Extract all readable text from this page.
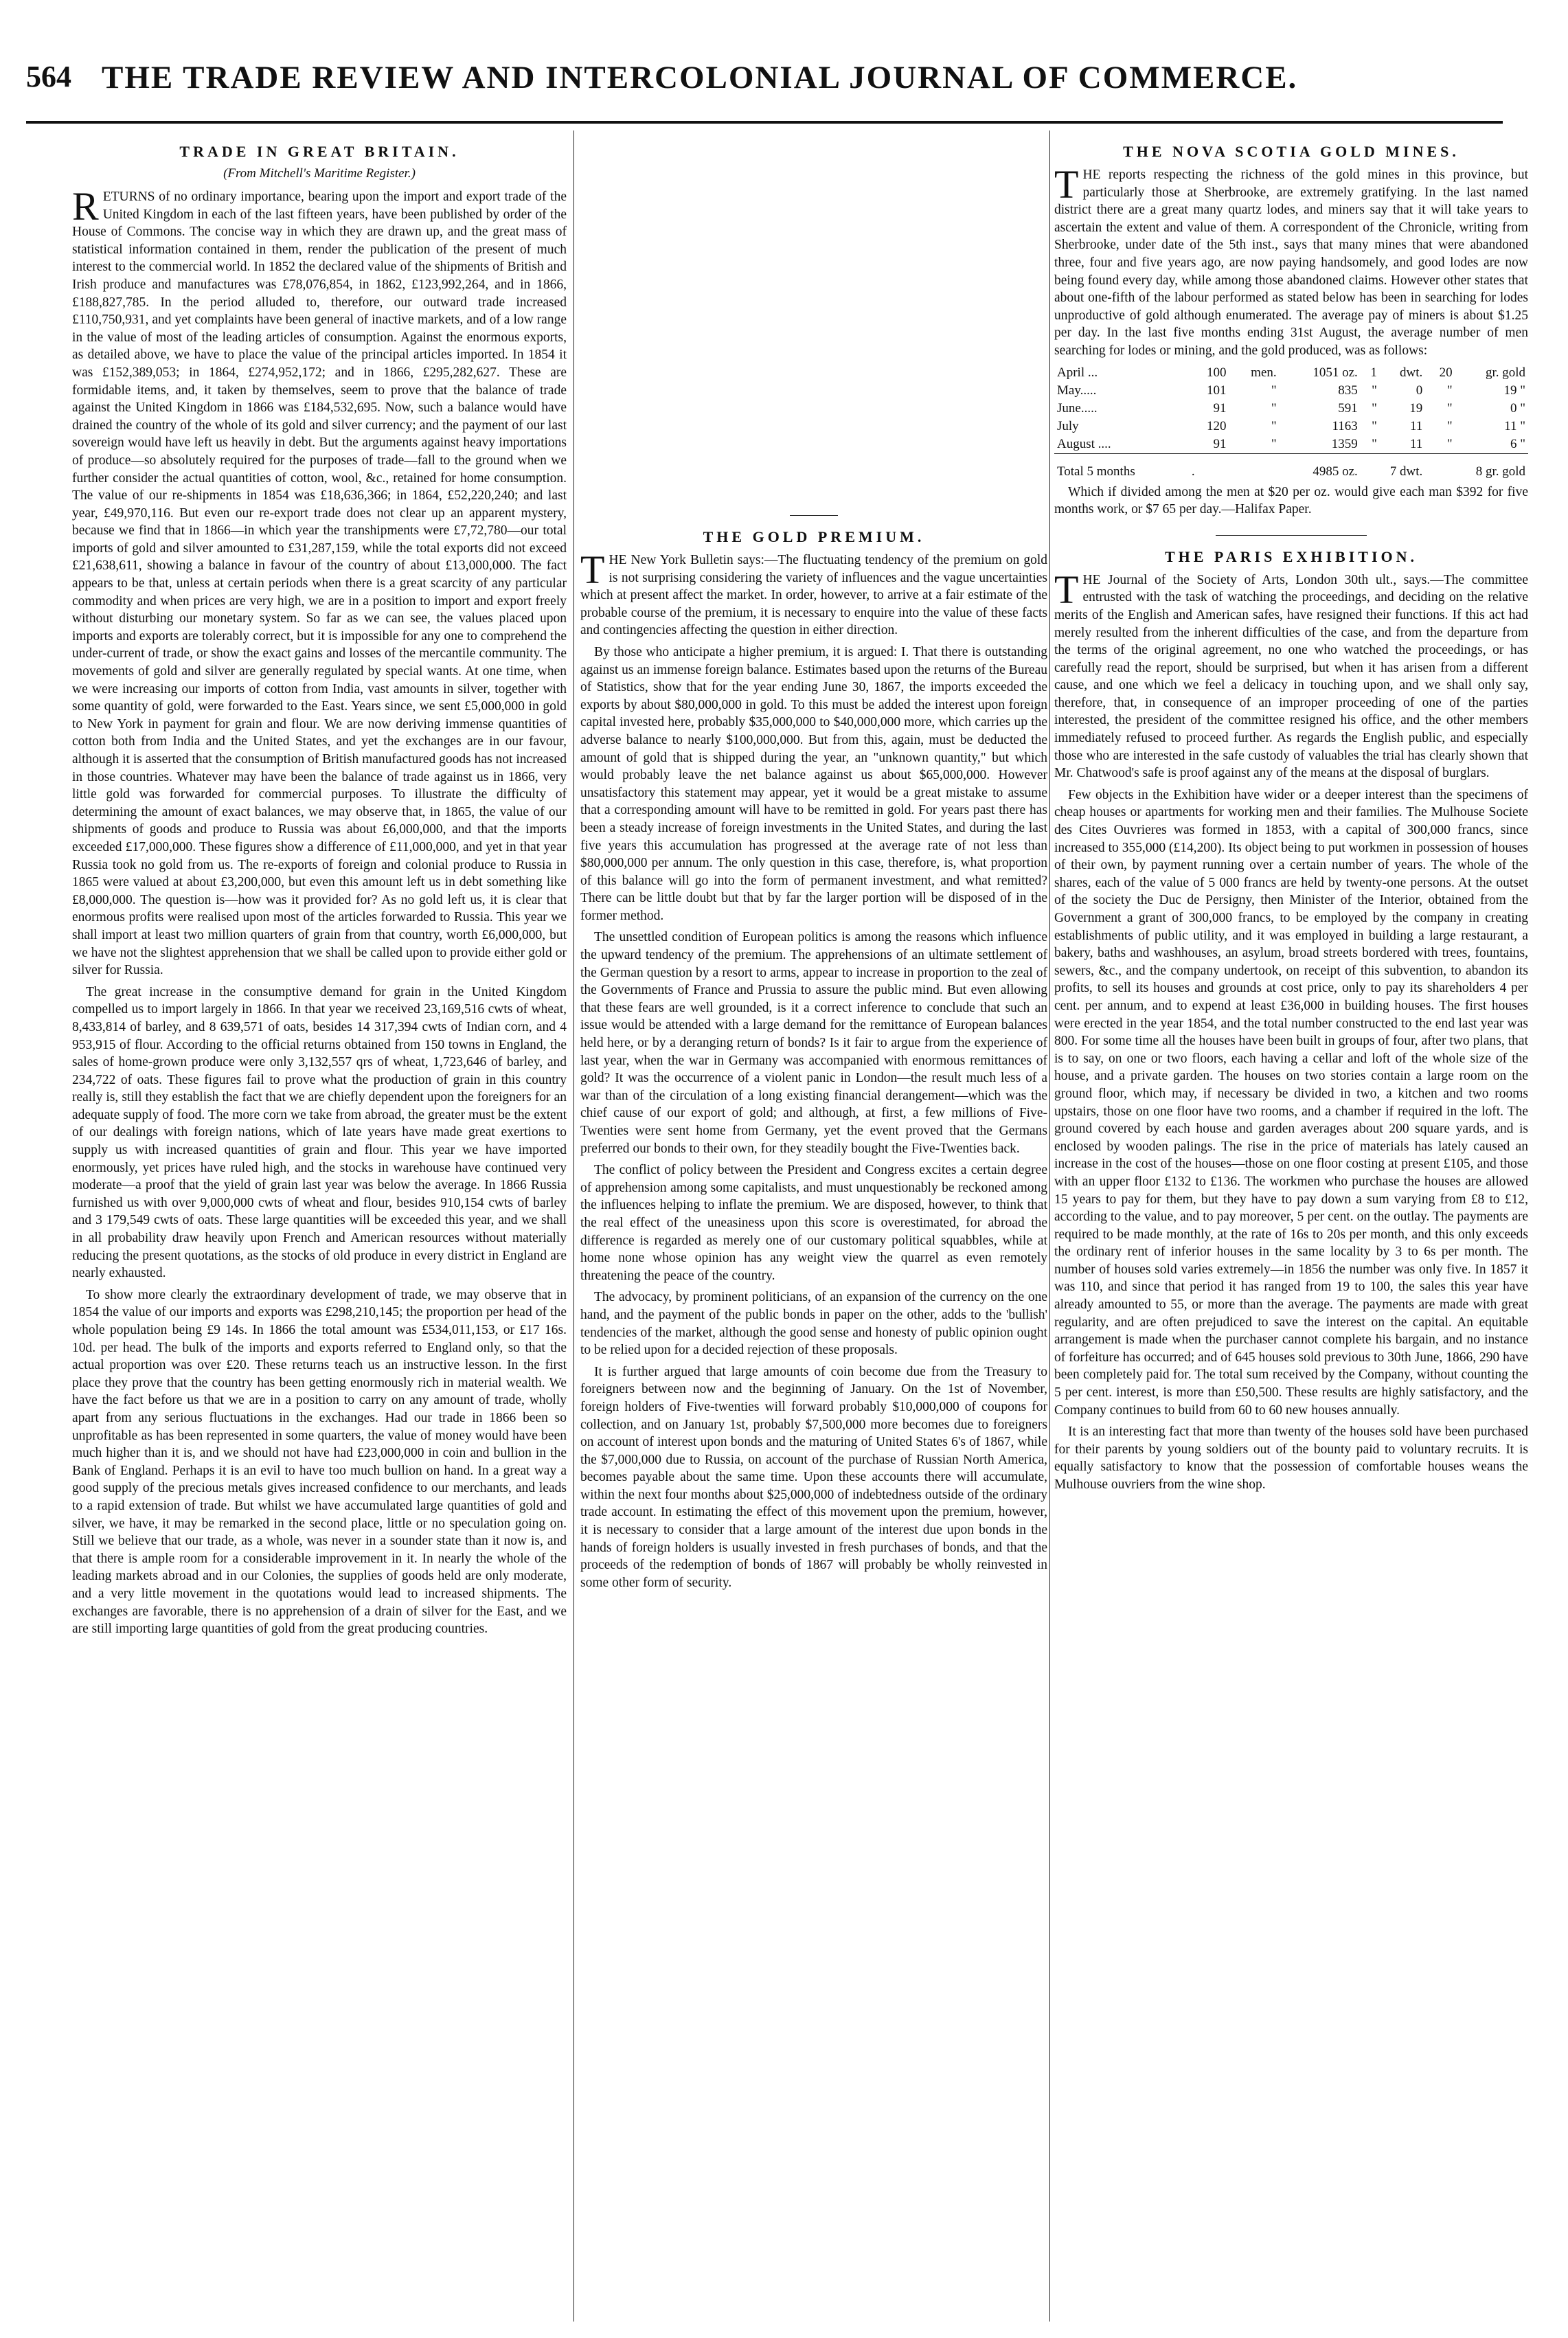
564 THE TRADE REVIEW AND INTERCOLONIAL JOURNAL OF COMMERCE.
TRADE IN GREAT BRITAIN.
(From Mitchell's Maritime Register.)

RETURNS of no ordinary importance, bearing upon the import and export trade of the United Kingdom in each of the last fifteen years, have been published by order of the House of Commons. The concise way in which they are drawn up, and the great mass of statistical information contained in them, render the publication of the present of much interest to the commercial world. In 1852 the declared value of the shipments of British and Irish produce and manufactures was £78,076,854, in 1862, £123,992,264, and in 1866, £188,827,785. In the period alluded to, therefore, our outward trade increased £110,750,931, and yet complaints have been general of inactive markets, and of a low range in the value of most of the leading articles of consumption. Against the enormous exports, as detailed above, we have to place the value of the principal articles imported. In 1854 it was £152,389,053; in 1864, £274,952,172; and in 1866, £295,282,627. These are formidable items, and, it taken by themselves, seem to prove that the balance of trade against the United Kingdom in 1866 was £184,532,695. Now, such a balance would have drained the country of the whole of its gold and silver currency; and the payment of our last sovereign would have left us heavily in debt. But the arguments against heavy importations of produce—so absolutely required for the purposes of trade—fall to the ground when we further consider the actual quantities of cotton, wool, &c., retained for home consumption. The value of our re-shipments in 1854 was £18,636,366; in 1864, £52,220,240; and last year, £49,970,116. But even our re-export trade does not clear up an apparent mystery, because we find that in 1866—in which year the transhipments were £7,72,780—our total imports of gold and silver amounted to £31,287,159, while the total exports did not exceed £21,638,611, showing a balance in favour of the country of about £13,000,000. The fact appears to be that, unless at certain periods when there is a great scarcity of any particular commodity and when prices are very high, we are in a position to import and export freely without disturbing our monetary system. So far as we can see, the values placed upon imports and exports are tolerably correct, but it is impossible for any one to comprehend the under-current of trade, or show the exact gains and losses of the mercantile community. The movements of gold and silver are generally regulated by special wants. At one time, when we were increasing our imports of cotton from India, vast amounts in silver, together with some quantity of gold, were forwarded to the East. Years since, we sent £5,000,000 in gold to New York in payment for grain and flour. We are now deriving immense quantities of cotton both from India and the United States, and yet the exchanges are in our favour, although it is asserted that the consumption of British manufactured goods has not increased in those countries. Whatever may have been the balance of trade against us in 1866, very little gold was forwarded for commercial purposes. To illustrate the difficulty of determining the amount of exact balances, we may observe that, in 1865, the value of our shipments of goods and produce to Russia was about £6,000,000, and that the imports exceeded £17,000,000. These figures show a difference of £11,000,000, and yet in that year Russia took no gold from us. The re-exports of foreign and colonial produce to Russia in 1865 were valued at about £3,200,000, but even this amount left us in debt something like £8,000,000. The question is—how was it provided for? As no gold left us, it is clear that enormous profits were realised upon most of the articles forwarded to Russia. This year we shall import at least two million quarters of grain from that country, worth £6,000,000, but we have not the slightest apprehension that we shall be called upon to provide either gold or silver for Russia.

The great increase in the consumptive demand for grain in the United Kingdom compelled us to import largely in 1866. In that year we received 23,169,516 cwts of wheat, 8,433,814 of barley, and 8 639,571 of oats, besides 14 317,394 cwts of Indian corn, and 4 953,915 of flour. According to the official returns obtained from 150 towns in England, the sales of home-grown produce were only 3,132,557 qrs of wheat, 1,723,646 of barley, and 234,722 of oats. These figures fail to prove what the production of grain in this country really is, still they establish the fact that we are chiefly dependent upon the foreigners for an adequate supply of food. The more corn we take from abroad, the greater must be the extent of our dealings with foreign nations, which of late years have made great exertions to supply us with increased quantities of grain and flour. This year we have imported enormously, yet prices have ruled high, and the stocks in warehouse have continued very moderate—a proof that the yield of grain last year was below the average. In 1866 Russia furnished us with over 9,000,000 cwts of wheat and flour, besides 910,154 cwts of barley and 3 179,549 cwts of oats. These large quantities will be exceeded this year, and we shall in all probability draw heavily upon French and American resources without materially reducing the present quotations, as the stocks of old produce in every district in England are nearly exhausted.

To show more clearly the extraordinary development of trade, we may observe that in 1854 the value of our imports and exports was £298,210,145; the proportion per head of the whole population being £9 14s. In 1866 the total amount was £534,011,153, or £17 16s. 10d. per head. The bulk of the imports and exports referred to England only, so that the actual proportion was over £20. These returns teach us an instructive lesson. In the first place they prove that the country has been getting enormously rich in material wealth. We have the fact before us that we are in a position to carry on any amount of trade, wholly apart from any serious fluctuations in the exchanges. Had our trade in 1866 been so unprofitable as has been represented in some quarters, the value of money would have been much higher than it is, and we should not have had £23,000,000 in coin and bullion in the Bank of England. Perhaps it is an evil to have too much bullion on hand. In a great way a good supply of the precious metals gives increased confidence to our merchants, and leads to a rapid extension of trade. But whilst we have accumulated large quantities of gold and silver, we have, it may be remarked in the second place, little or no speculation going on. Still we believe that our trade, as a whole, was never in a sounder state than it now is, and that there is ample room for a considerable improvement in it. In nearly the whole of the leading markets abroad and in our Colonies, the supplies of goods held are only moderate, and a very little movement in the quotations would lead to increased shipments. The exchanges are favorable, there is no apprehension of a drain of silver for the East, and we are still importing large quantities of gold from the great producing countries.

THE GOLD PREMIUM.

THE New York Bulletin says:—The fluctuating tendency of the premium on gold is not surprising considering the variety of influences and the vague uncertainties which at present affect the market. In order, however, to arrive at a fair estimate of the probable course of the premium, it is necessary to enquire into the value of these facts and contingencies affecting the question in either direction.

By those who anticipate a higher premium, it is argued: I. That there is outstanding against us an immense foreign balance. Estimates based upon the returns of the Bureau of Statistics, show that for the year ending June 30, 1867, the imports exceeded the exports by about $80,000,000 in gold. To this must be added the interest upon foreign capital invested here, probably $35,000,000 to $40,000,000 more, which carries up the adverse balance to nearly $100,000,000. But from this, again, must be deducted the amount of gold that is shipped during the year, an "unknown quantity," but which would probably leave the net balance against us about $65,000,000. However unsatisfactory this statement may appear, yet it would be a great mistake to assume that a corresponding amount will have to be remitted in gold. For years past there has been a steady increase of foreign investments in the United States, and during the last five years this accumulation has progressed at the average rate of not less than $80,000,000 per annum. The only question in this case, therefore, is, what proportion of this balance will go into the form of permanent investment, and what remitted? There can be little doubt but that by far the larger portion will be disposed of in the former method.

The unsettled condition of European politics is among the reasons which influence the upward tendency of the premium. The apprehensions of an ultimate settlement of the German question by a resort to arms, appear to increase in proportion to the zeal of the Governments of France and Prussia to assure the public mind. But even allowing that these fears are well grounded, is it a correct inference to conclude that such an issue would be attended with a large demand for the remittance of European balances held here, or by a deranging return of bonds? Is it fair to argue from the experience of last year, when the war in Germany was accompanied with enormous remittances of gold? It was the occurrence of a violent panic in London—the result much less of a war than of the circulation of a long existing financial derangement—which was the chief cause of our export of gold; and although, at first, a few millions of Five-Twenties were sent home from Germany, yet the event proved that the Germans preferred our bonds to their own, for they steadily bought the Five-Twenties back.

The conflict of policy between the President and Congress excites a certain degree of apprehension among some capitalists, and must unquestionably be reckoned among the influences helping to inflate the premium. We are disposed, however, to think that the real effect of the uneasiness upon this score is overestimated, for abroad the difference is regarded as merely one of our customary political squabbles, while at home none whose opinion has any weight view the quarrel as even remotely threatening the peace of the country.

The advocacy, by prominent politicians, of an expansion of the currency on the one hand, and the payment of the public bonds in paper on the other, adds to the 'bullish' tendencies of the market, although the good sense and honesty of public opinion ought to be relied upon for a decided rejection of these proposals.

It is further argued that large amounts of coin become due from the Treasury to foreigners between now and the beginning of January. On the 1st of November, foreign holders of Five-twenties will forward probably $10,000,000 of coupons for collection, and on January 1st, probably $7,500,000 more becomes due to foreigners on account of interest upon bonds and the maturing of United States 6's of 1867, while the $7,000,000 due to Russia, on account of the purchase of Russian North America, becomes payable about the same time. Upon these accounts there will accumulate, within the next four months about $25,000,000 of indebtedness outside of the ordinary trade account. In estimating the effect of this movement upon the premium, however, it is necessary to consider that a large amount of the interest due upon bonds in the hands of foreign holders is usually invested in fresh purchases of bonds, and that the proceeds of the redemption of bonds of 1867 will probably be wholly reinvested in some other form of security.

THE NOVA SCOTIA GOLD MINES.

THE reports respecting the richness of the gold mines in this province, but particularly those at Sherbrooke, are extremely gratifying. In the last named district there are a great many quartz lodes, and miners say that it will take years to ascertain the extent and value of them. A correspondent of the Chronicle, writing from Sherbrooke, under date of the 5th inst., says that many mines that were abandoned three, four and five years ago, are now paying handsomely, and good lodes are now being found every day, while among those abandoned claims. However other states that about one-fifth of the labour performed as stated below has been in searching for lodes unproductive of gold although enumerated. The average pay of miners is about $1.25 per day. In the last five months ending 31st August, the average number of men searching for lodes or mining, and the gold produced, was as follows:

April ...	100	men.	1051 oz.	1	dwt.	20	gr. gold
May.....	101	"	835	"	0	"	19 "
June.....	91	"	591	"	19	"	0 "
July	120	"	1163	"	11	"	11 "
August ....	91	"	1359	"	11	"	6 "
Total 5 months	.	4985 oz.		7 dwt.		8 gr. gold	

Which if divided among the men at $20 per oz. would give each man $392 for five months work, or $7 65 per day.—Halifax Paper.

THE PARIS EXHIBITION.

THE Journal of the Society of Arts, London 30th ult., says.—The committee entrusted with the task of watching the proceedings, and deciding on the relative merits of the English and American safes, have resigned their functions. If this act had merely resulted from the inherent difficulties of the case, and from the departure from the terms of the original agreement, no one who watched the proceedings, or has carefully read the report, should be surprised, but when it has arisen from a different cause, and one which we feel a delicacy in touching upon, and we shall only say, therefore, that, in consequence of an improper proceeding of one of the parties interested, the president of the committee resigned his office, and the other members immediately refused to proceed further. As regards the English public, and especially those who are interested in the safe custody of valuables the trial has clearly shown that Mr. Chatwood's safe is proof against any of the means at the disposal of burglars.

Few objects in the Exhibition have wider or a deeper interest than the specimens of cheap houses or apartments for working men and their families. The Mulhouse Societe des Cites Ouvrieres was formed in 1853, with a capital of 300,000 francs, since increased to 355,000 (£14,200). Its object being to put workmen in possession of houses of their own, by payment running over a certain number of years. The whole of the shares, each of the value of 5 000 francs are held by twenty-one persons. At the outset of the society the Duc de Persigny, then Minister of the Interior, obtained from the Government a grant of 300,000 francs, to be employed by the company in creating establishments of public utility, and it was employed in building a large restaurant, a bakery, baths and washhouses, an asylum, broad streets bordered with trees, fountains, sewers, &c., and the company undertook, on receipt of this subvention, to abandon its profits, to sell its houses and grounds at cost price, only to pay its shareholders 4 per cent. per annum, and to expend at least £36,000 in building houses. The first houses were erected in the year 1854, and the total number constructed to the end last year was 800. For some time all the houses have been built in groups of four, after two plans, that is to say, on one or two floors, each having a cellar and loft of the whole size of the house, and a private garden. The houses on two stories contain a large room on the ground floor, which may, if necessary be divided in two, a kitchen and two rooms upstairs, those on one floor have two rooms, and a chamber if required in the loft. The ground covered by each house and garden averages about 200 square yards, and is enclosed by wooden palings. The rise in the price of materials has lately caused an increase in the cost of the houses—those on one floor costing at present £105, and those with an upper floor £132 to £136. The workmen who purchase the houses are allowed 15 years to pay for them, but they have to pay down a sum varying from £8 to £12, according to the value, and to pay moreover, 5 per cent. on the outlay. The payments are required to be made monthly, at the rate of 16s to 20s per month, and this only exceeds the ordinary rent of inferior houses in the same locality by 3 to 6s per month. The number of houses sold varies extremely—in 1856 the number was only five. In 1857 it was 110, and since that period it has ranged from 19 to 100, the sales this year have already amounted to 55, or more than the average. The payments are made with great regularity, and are often prejudiced to save the interest on the capital. An equitable arrangement is made when the purchaser cannot complete his bargain, and no instance of forfeiture has occurred; and of 645 houses sold previous to 30th June, 1866, 290 have been completely paid for. The total sum received by the Company, without counting the 5 per cent. interest, is more than £50,500. These results are highly satisfactory, and the Company continues to build from 60 to 60 new houses annually.

It is an interesting fact that more than twenty of the houses sold have been purchased for their parents by young soldiers out of the bounty paid to voluntary recruits. It is equally satisfactory to know that the possession of comfortable houses weans the Mulhouse ouvriers from the wine shop.
